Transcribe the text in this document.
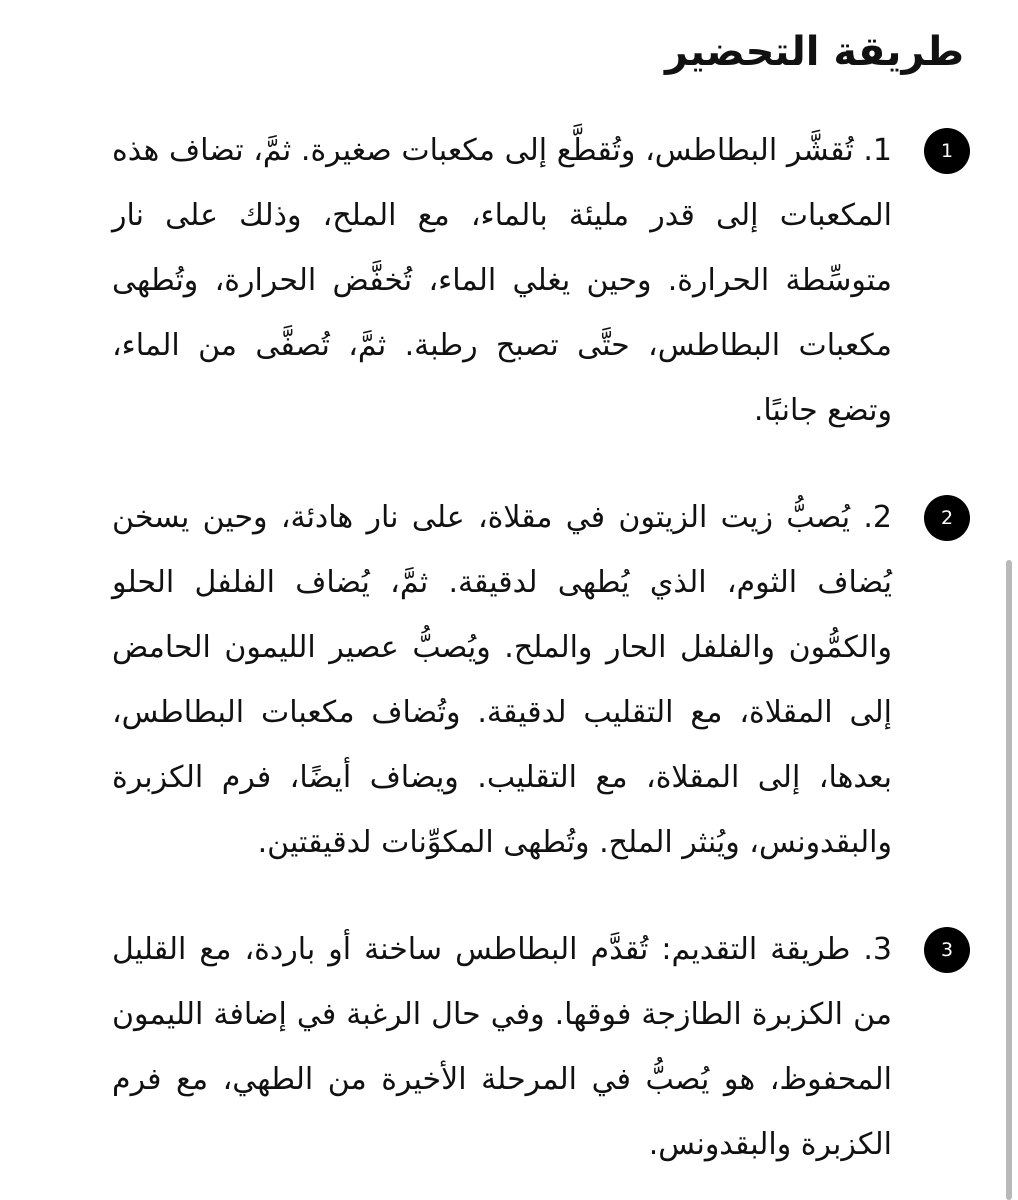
طريقة التحضير
1

1. تُقشَّر البطاطس، وتُقطَّع إلى مكعبات صغيرة. ثمَّ، تضاف هذه المكعبات إلى قدر مليئة بالماء، مع الملح، وذلك على نار متوسِّطة الحرارة. وحين يغلي الماء، تُخفَّض الحرارة، وتُطهى مكعبات البطاطس، حتَّى تصبح رطبة. ثمَّ، تُصفَّى من الماء، وتضع جانبًا.

2

2. يُصبُّ زيت الزيتون في مقلاة، على نار هادئة، وحين يسخن يُضاف الثوم، الذي يُطهى لدقيقة. ثمَّ، يُضاف الفلفل الحلو والكمُّون والفلفل الحار والملح. ويُصبُّ عصير الليمون الحامض إلى المقلاة، مع التقليب لدقيقة. وتُضاف مكعبات البطاطس، بعدها، إلى المقلاة، مع التقليب. ويضاف أيضًا، فرم الكزبرة والبقدونس، ويُنثر الملح. وتُطهى المكوِّنات لدقيقتين.

3

3. طريقة التقديم: تُقدَّم البطاطس ساخنة أو باردة، مع القليل من الكزبرة الطازجة فوقها. وفي حال الرغبة في إضافة الليمون المحفوظ، هو يُصبُّ في المرحلة الأخيرة من الطهي، مع فرم الكزبرة والبقدونس.
